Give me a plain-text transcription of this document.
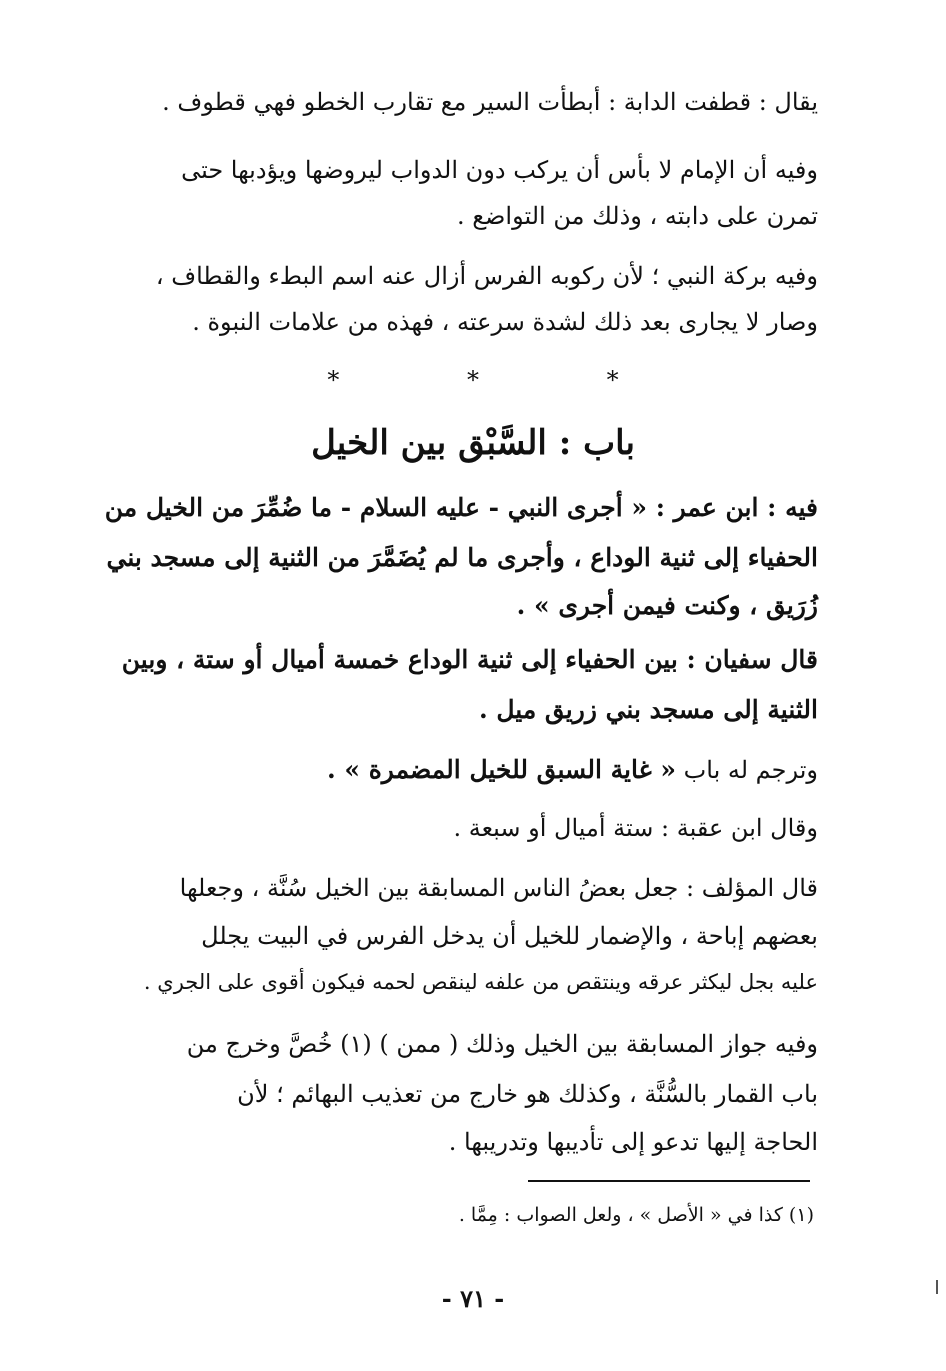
يقال : قطفت الدابة : أبطأت السير مع تقارب الخطو فهي قطوف .
وفيه أن الإمام لا بأس أن يركب دون الدواب ليروضها ويؤدبها حتى
تمرن على دابته ، وذلك من التواضع .
وفيه بركة النبي ؛ لأن ركوبه الفرس أزال عنه اسم البطء والقطاف ،
وصار لا يجارى بعد ذلك لشدة سرعته ، فهذه من علامات النبوة .
* * *
باب : السَّبْق بين الخيل
فيه : ابن عمر : « أجرى النبي - عليه السلام - ما ضُمِّرَ من الخيل من
الحفياء إلى ثنية الوداع ، وأجرى ما لم يُضَمَّرَ من الثنية إلى مسجد بني
زُرَيق ، وكنت فيمن أجرى » .
قال سفيان : بين الحفياء إلى ثنية الوداع خمسة أميال أو ستة ، وبين
الثنية إلى مسجد بني زريق ميل .
وترجم له باب « غاية السبق للخيل المضمرة » .
وقال ابن عقبة : ستة أميال أو سبعة .
قال المؤلف : جعل بعضُ الناس المسابقة بين الخيل سُنَّة ، وجعلها
بعضهم إباحة ، والإضمار للخيل أن يدخل الفرس في البيت يجلل
عليه بجل ليكثر عرقه وينتقص من علفه لينقص لحمه فيكون أقوى على الجري .
وفيه جواز المسابقة بين الخيل وذلك ( ممن ) (١) خُصَّ وخرج من
باب القمار بالسُّنَّة ، وكذلك هو خارج من تعذيب البهائم ؛ لأن
الحاجة إليها تدعو إلى تأديبها وتدريبها .
(١) كذا في « الأصل » ، ولعل الصواب : مِمَّا .
- ٧١ -
